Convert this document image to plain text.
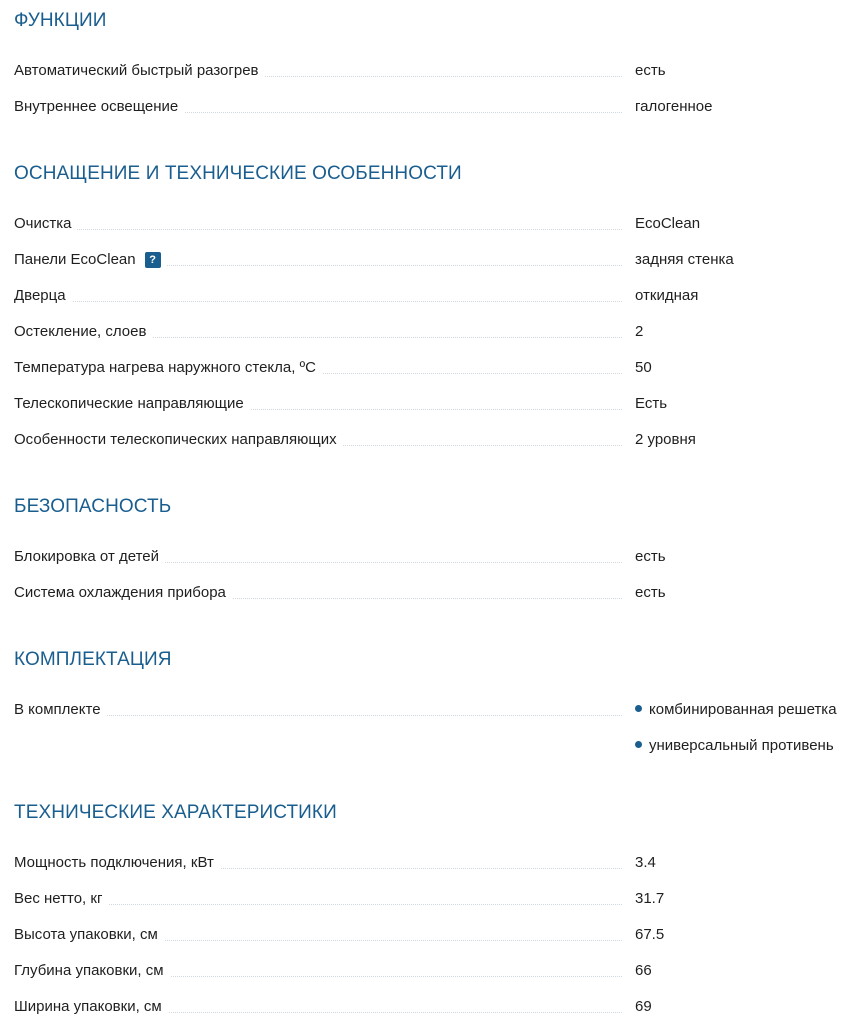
ФУНКЦИИ
Автоматический быстрый разогрев	есть
Внутреннее освещение	галогенное
ОСНАЩЕНИЕ И ТЕХНИЧЕСКИЕ ОСОБЕННОСТИ
Очистка	EcoClean
Панели EcoClean	?	задняя стенка
Дверца	откидная
Остекление, слоев	2
Температура нагрева наружного стекла, ºC	50
Телескопические направляющие	Есть
Особенности телескопических направляющих	2 уровня
БЕЗОПАСНОСТЬ
Блокировка от детей	есть
Система охлаждения прибора	есть
КОМПЛЕКТАЦИЯ
В комплекте	комбинированная решетка
универсальный противень
ТЕХНИЧЕСКИЕ ХАРАКТЕРИСТИКИ
Мощность подключения, кВт	3.4
Вес нетто, кг	31.7
Высота упаковки, см	67.5
Глубина упаковки, см	66
Ширина упаковки, см	69
